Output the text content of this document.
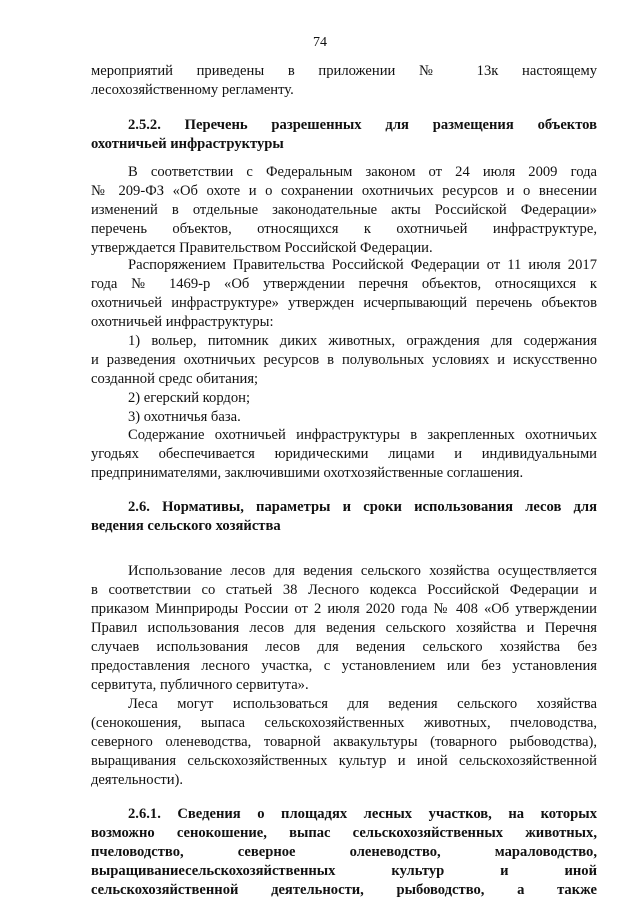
74
мероприятий приведены в приложении № 13к настоящему
лесохозяйственному регламенту.
2.5.2. Перечень разрешенных для размещения объектов
охотничьей инфраструктуры
В соответствии с Федеральным законом от 24 июля 2009 года
№ 209-ФЗ «Об охоте и о сохранении охотничьих ресурсов и о внесении
изменений в отдельные законодательные акты Российской Федерации»
перечень объектов, относящихся к охотничьей инфраструктуре,
утверждается Правительством Российской Федерации.
Распоряжением Правительства Российской Федерации от 11 июля 2017
года № 1469-р «Об утверждении перечня объектов, относящихся к
охотничьей инфраструктуре» утвержден исчерпывающий перечень объектов
охотничьей инфраструктуры:
1) вольер, питомник диких животных, ограждения для содержания
и разведения охотничьих ресурсов в полувольных условиях и искусственно
созданной средс обитания;
2) егерский кордон;
3) охотничья база.
Содержание охотничьей инфраструктуры в закрепленных охотничьих
угодьях обеспечивается юридическими лицами и индивидуальными
предпринимателями, заключившими охотхозяйственные соглашения.
2.6. Нормативы, параметры и сроки использования лесов для
ведения сельского хозяйства
Использование лесов для ведения сельского хозяйства осуществляется
в соответствии со статьей 38 Лесного кодекса Российской Федерации и
приказом Минприроды России от 2 июля 2020 года № 408 «Об утверждении
Правил использования лесов для ведения сельского хозяйства и Перечня
случаев использования лесов для ведения сельского хозяйства без
предоставления лесного участка, с установлением или без установления
сервитута, публичного сервитута».
Леса могут использоваться для ведения сельского хозяйства
(сенокошения, выпаса сельскохозяйственных животных, пчеловодства,
северного оленеводства, товарной аквакультуры (товарного рыбоводства),
выращивания сельскохозяйственных культур и иной сельскохозяйственной
деятельности).
2.6.1. Сведения о площадях лесных участков, на которых
возможно сенокошение, выпас сельскохозяйственных животных,
пчеловодство, северное оленеводство, мараловодство,
выращиваниесельскохозяйственных культур и иной
сельскохозяйственной деятельности, рыбоводство, а также
